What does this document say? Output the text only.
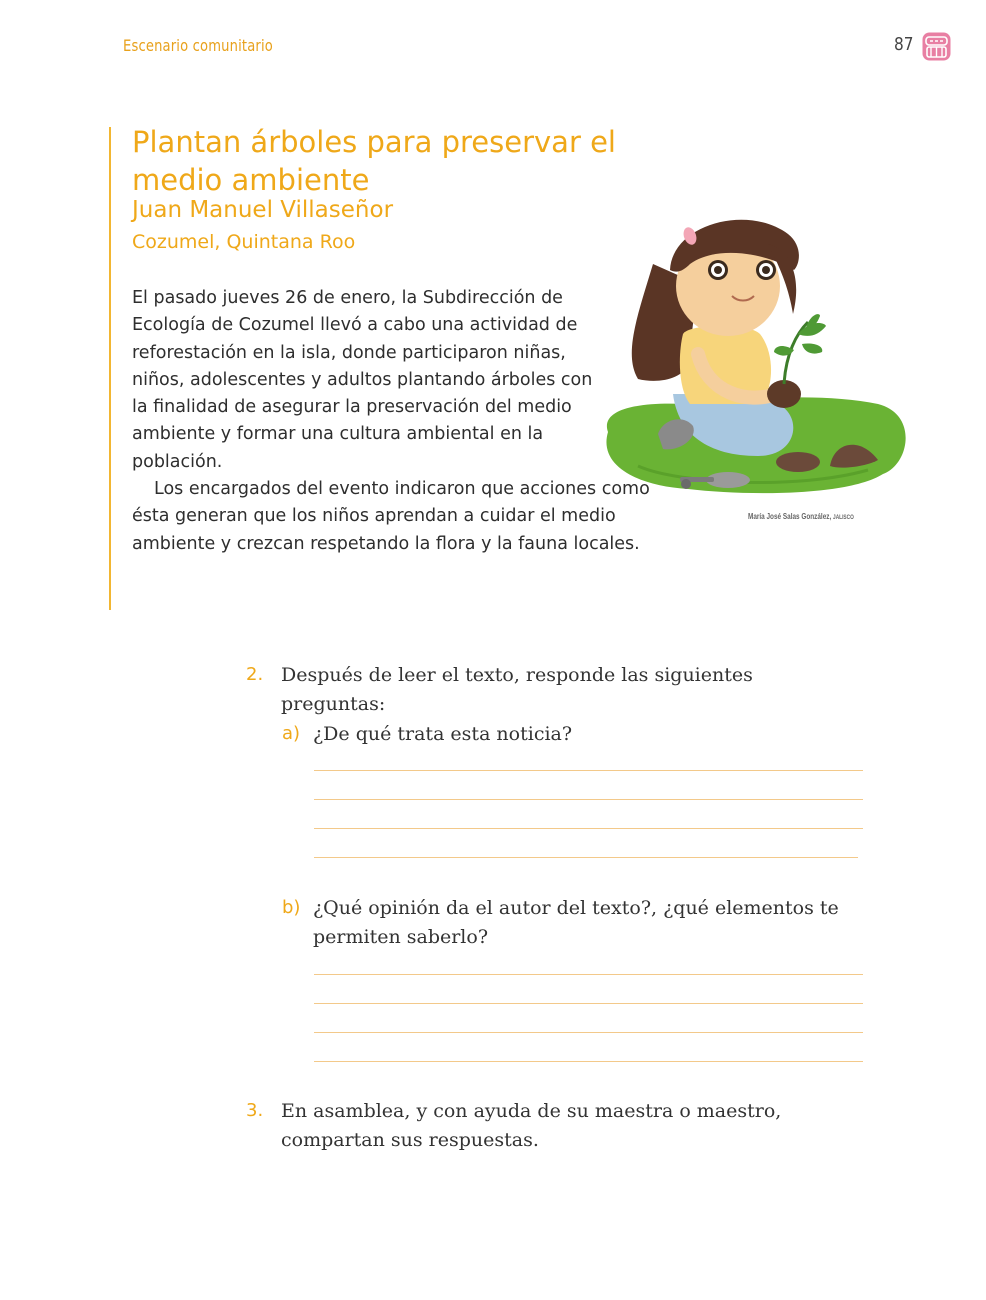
Escenario comunitario	87
Plantan árboles para preservar el medio ambiente
Juan Manuel Villaseñor
Cozumel, Quintana Roo

El pasado jueves 26 de enero, la Subdirección de Ecología de Cozumel llevó a cabo una actividad de reforestación en la isla, donde participaron niñas, niños, adolescentes y adultos plantando árboles con la finalidad de asegurar la preservación del medio ambiente y formar una cultura ambiental en la población.

Los encargados del evento indicaron que acciones como ésta generan que los niños aprendan a cuidar el medio ambiente y crezcan respetando la flora y la fauna locales.

María José Salas González, JALISCO
2. Después de leer el texto, responde las siguientes preguntas:
a) ¿De qué trata esta noticia?
b) ¿Qué opinión da el autor del texto?, ¿qué elementos te permiten saberlo?
3. En asamblea, y con ayuda de su maestra o maestro, compartan sus respuestas.
